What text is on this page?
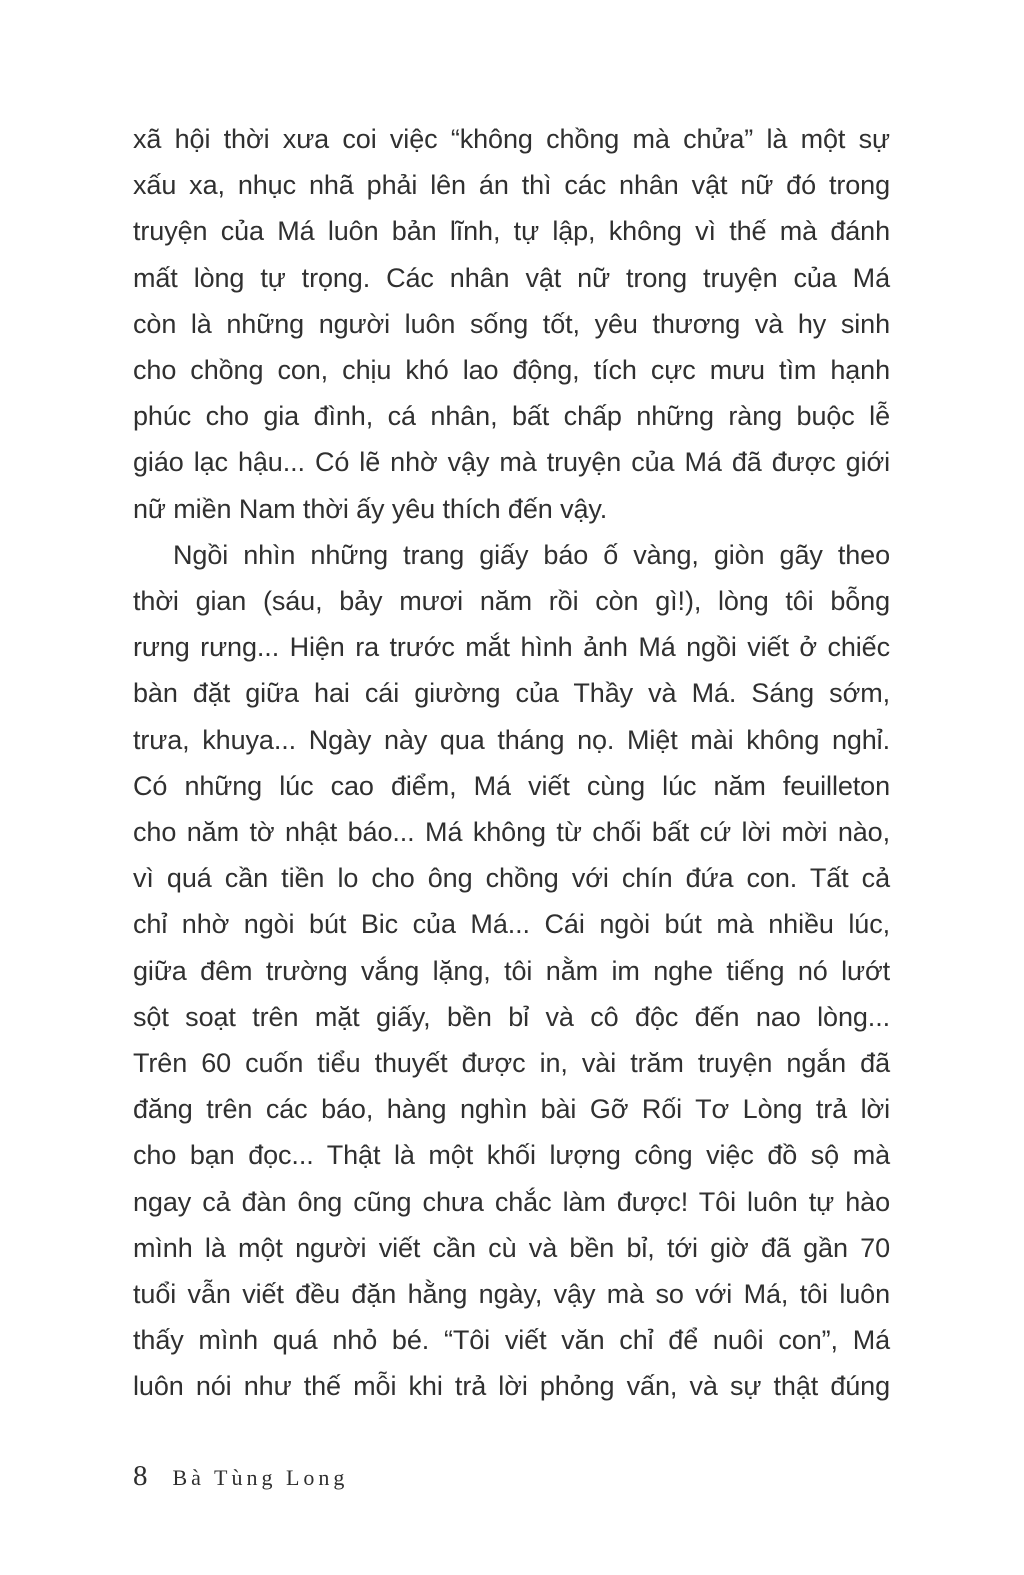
xã hội thời xưa coi việc “không chồng mà chửa” là một sự
xấu xa, nhục nhã phải lên án thì các nhân vật nữ đó trong
truyện của Má luôn bản lĩnh, tự lập, không vì thế mà đánh
mất lòng tự trọng. Các nhân vật nữ trong truyện của Má
còn là những người luôn sống tốt, yêu thương và hy sinh
cho chồng con, chịu khó lao động, tích cực mưu tìm hạnh
phúc cho gia đình, cá nhân, bất chấp những ràng buộc lễ
giáo lạc hậu... Có lẽ nhờ vậy mà truyện của Má đã được giới
nữ miền Nam thời ấy yêu thích đến vậy.
Ngồi nhìn những trang giấy báo ố vàng, giòn gãy theo
thời gian (sáu, bảy mươi năm rồi còn gì!), lòng tôi bỗng
rưng rưng... Hiện ra trước mắt hình ảnh Má ngồi viết ở chiếc
bàn đặt giữa hai cái giường của Thầy và Má. Sáng sớm,
trưa, khuya... Ngày này qua tháng nọ. Miệt mài không nghỉ.
Có những lúc cao điểm, Má viết cùng lúc năm feuilleton
cho năm tờ nhật báo... Má không từ chối bất cứ lời mời nào,
vì quá cần tiền lo cho ông chồng với chín đứa con. Tất cả
chỉ nhờ ngòi bút Bic của Má... Cái ngòi bút mà nhiều lúc,
giữa đêm trường vắng lặng, tôi nằm im nghe tiếng nó lướt
sột soạt trên mặt giấy, bền bỉ và cô độc đến nao lòng...
Trên 60 cuốn tiểu thuyết được in, vài trăm truyện ngắn đã
đăng trên các báo, hàng nghìn bài Gỡ Rối Tơ Lòng trả lời
cho bạn đọc... Thật là một khối lượng công việc đồ sộ mà
ngay cả đàn ông cũng chưa chắc làm được! Tôi luôn tự hào
mình là một người viết cần cù và bền bỉ, tới giờ đã gần 70
tuổi vẫn viết đều đặn hằng ngày, vậy mà so với Má, tôi luôn
thấy mình quá nhỏ bé. “Tôi viết văn chỉ để nuôi con”, Má
luôn nói như thế mỗi khi trả lời phỏng vấn, và sự thật đúng
8 Bà Tùng Long
